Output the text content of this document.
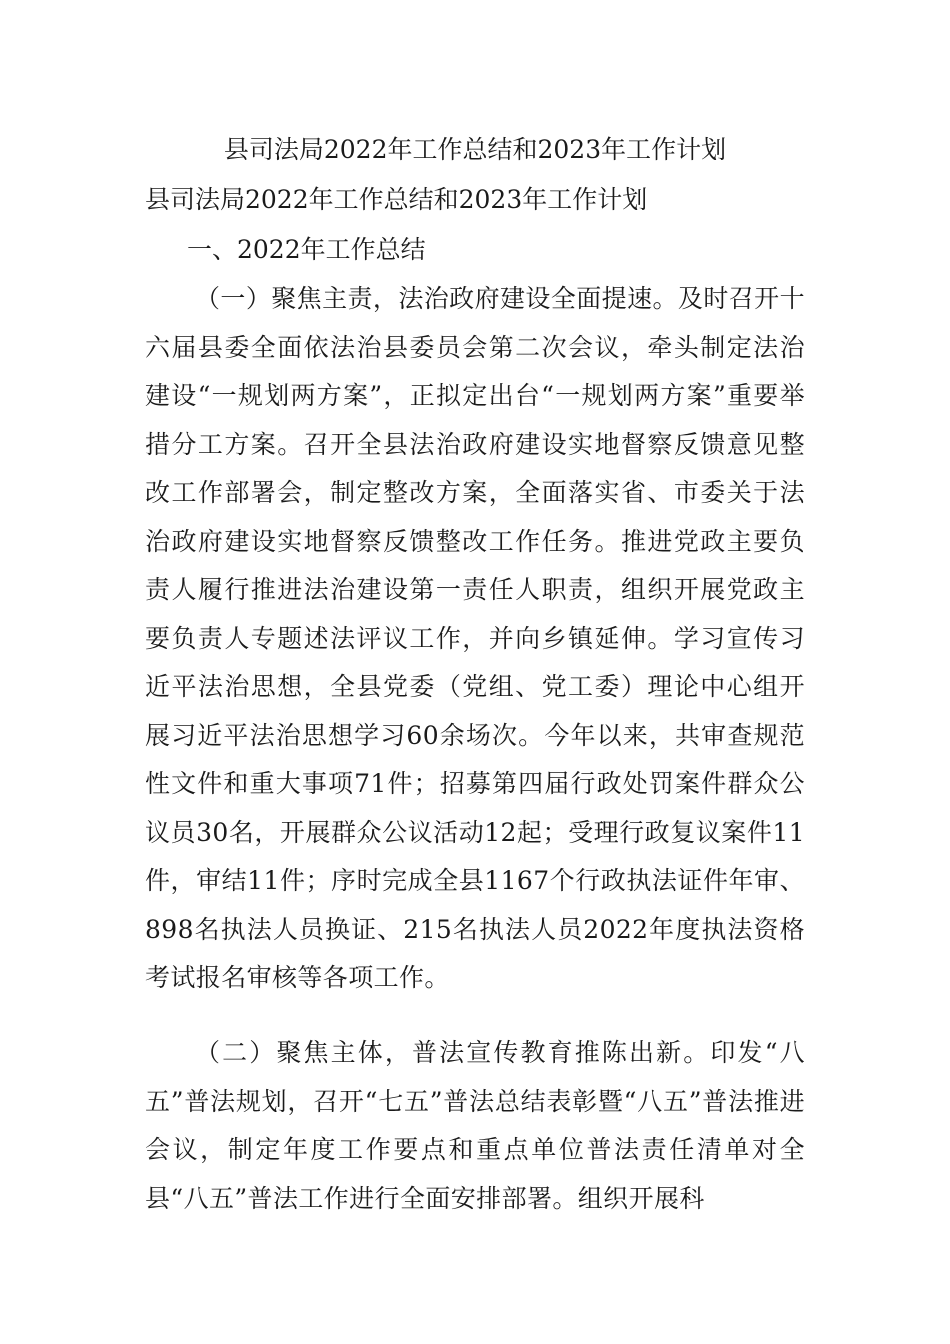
县司法局2022年工作总结和2023年工作计划
县司法局2022年工作总结和2023年工作计划
一、2022年工作总结
（一）聚焦主责，法治政府建设全面提速。及时召开十六届县委全面依法治县委员会第二次会议，牵头制定法治建设“一规划两方案”，正拟定出台“一规划两方案”重要举措分工方案。召开全县法治政府建设实地督察反馈意见整改工作部署会，制定整改方案，全面落实省、市委关于法治政府建设实地督察反馈整改工作任务。推进党政主要负责人履行推进法治建设第一责任人职责，组织开展党政主要负责人专题述法评议工作，并向乡镇延伸。学习宣传习近平法治思想，全县党委（党组、党工委）理论中心组开展习近平法治思想学习60余场次。今年以来，共审查规范性文件和重大事项71件；招募第四届行政处罚案件群众公议员30名，开展群众公议活动12起；受理行政复议案件11件，审结11件；序时完成全县1167个行政执法证件年审、898名执法人员换证、215名执法人员2022年度执法资格考试报名审核等各项工作。
（二）聚焦主体，普法宣传教育推陈出新。印发“八五”普法规划，召开“七五”普法总结表彰暨“八五”普法推进会议，制定年度工作要点和重点单位普法责任清单对全县“八五”普法工作进行全面安排部署。组织开展科
